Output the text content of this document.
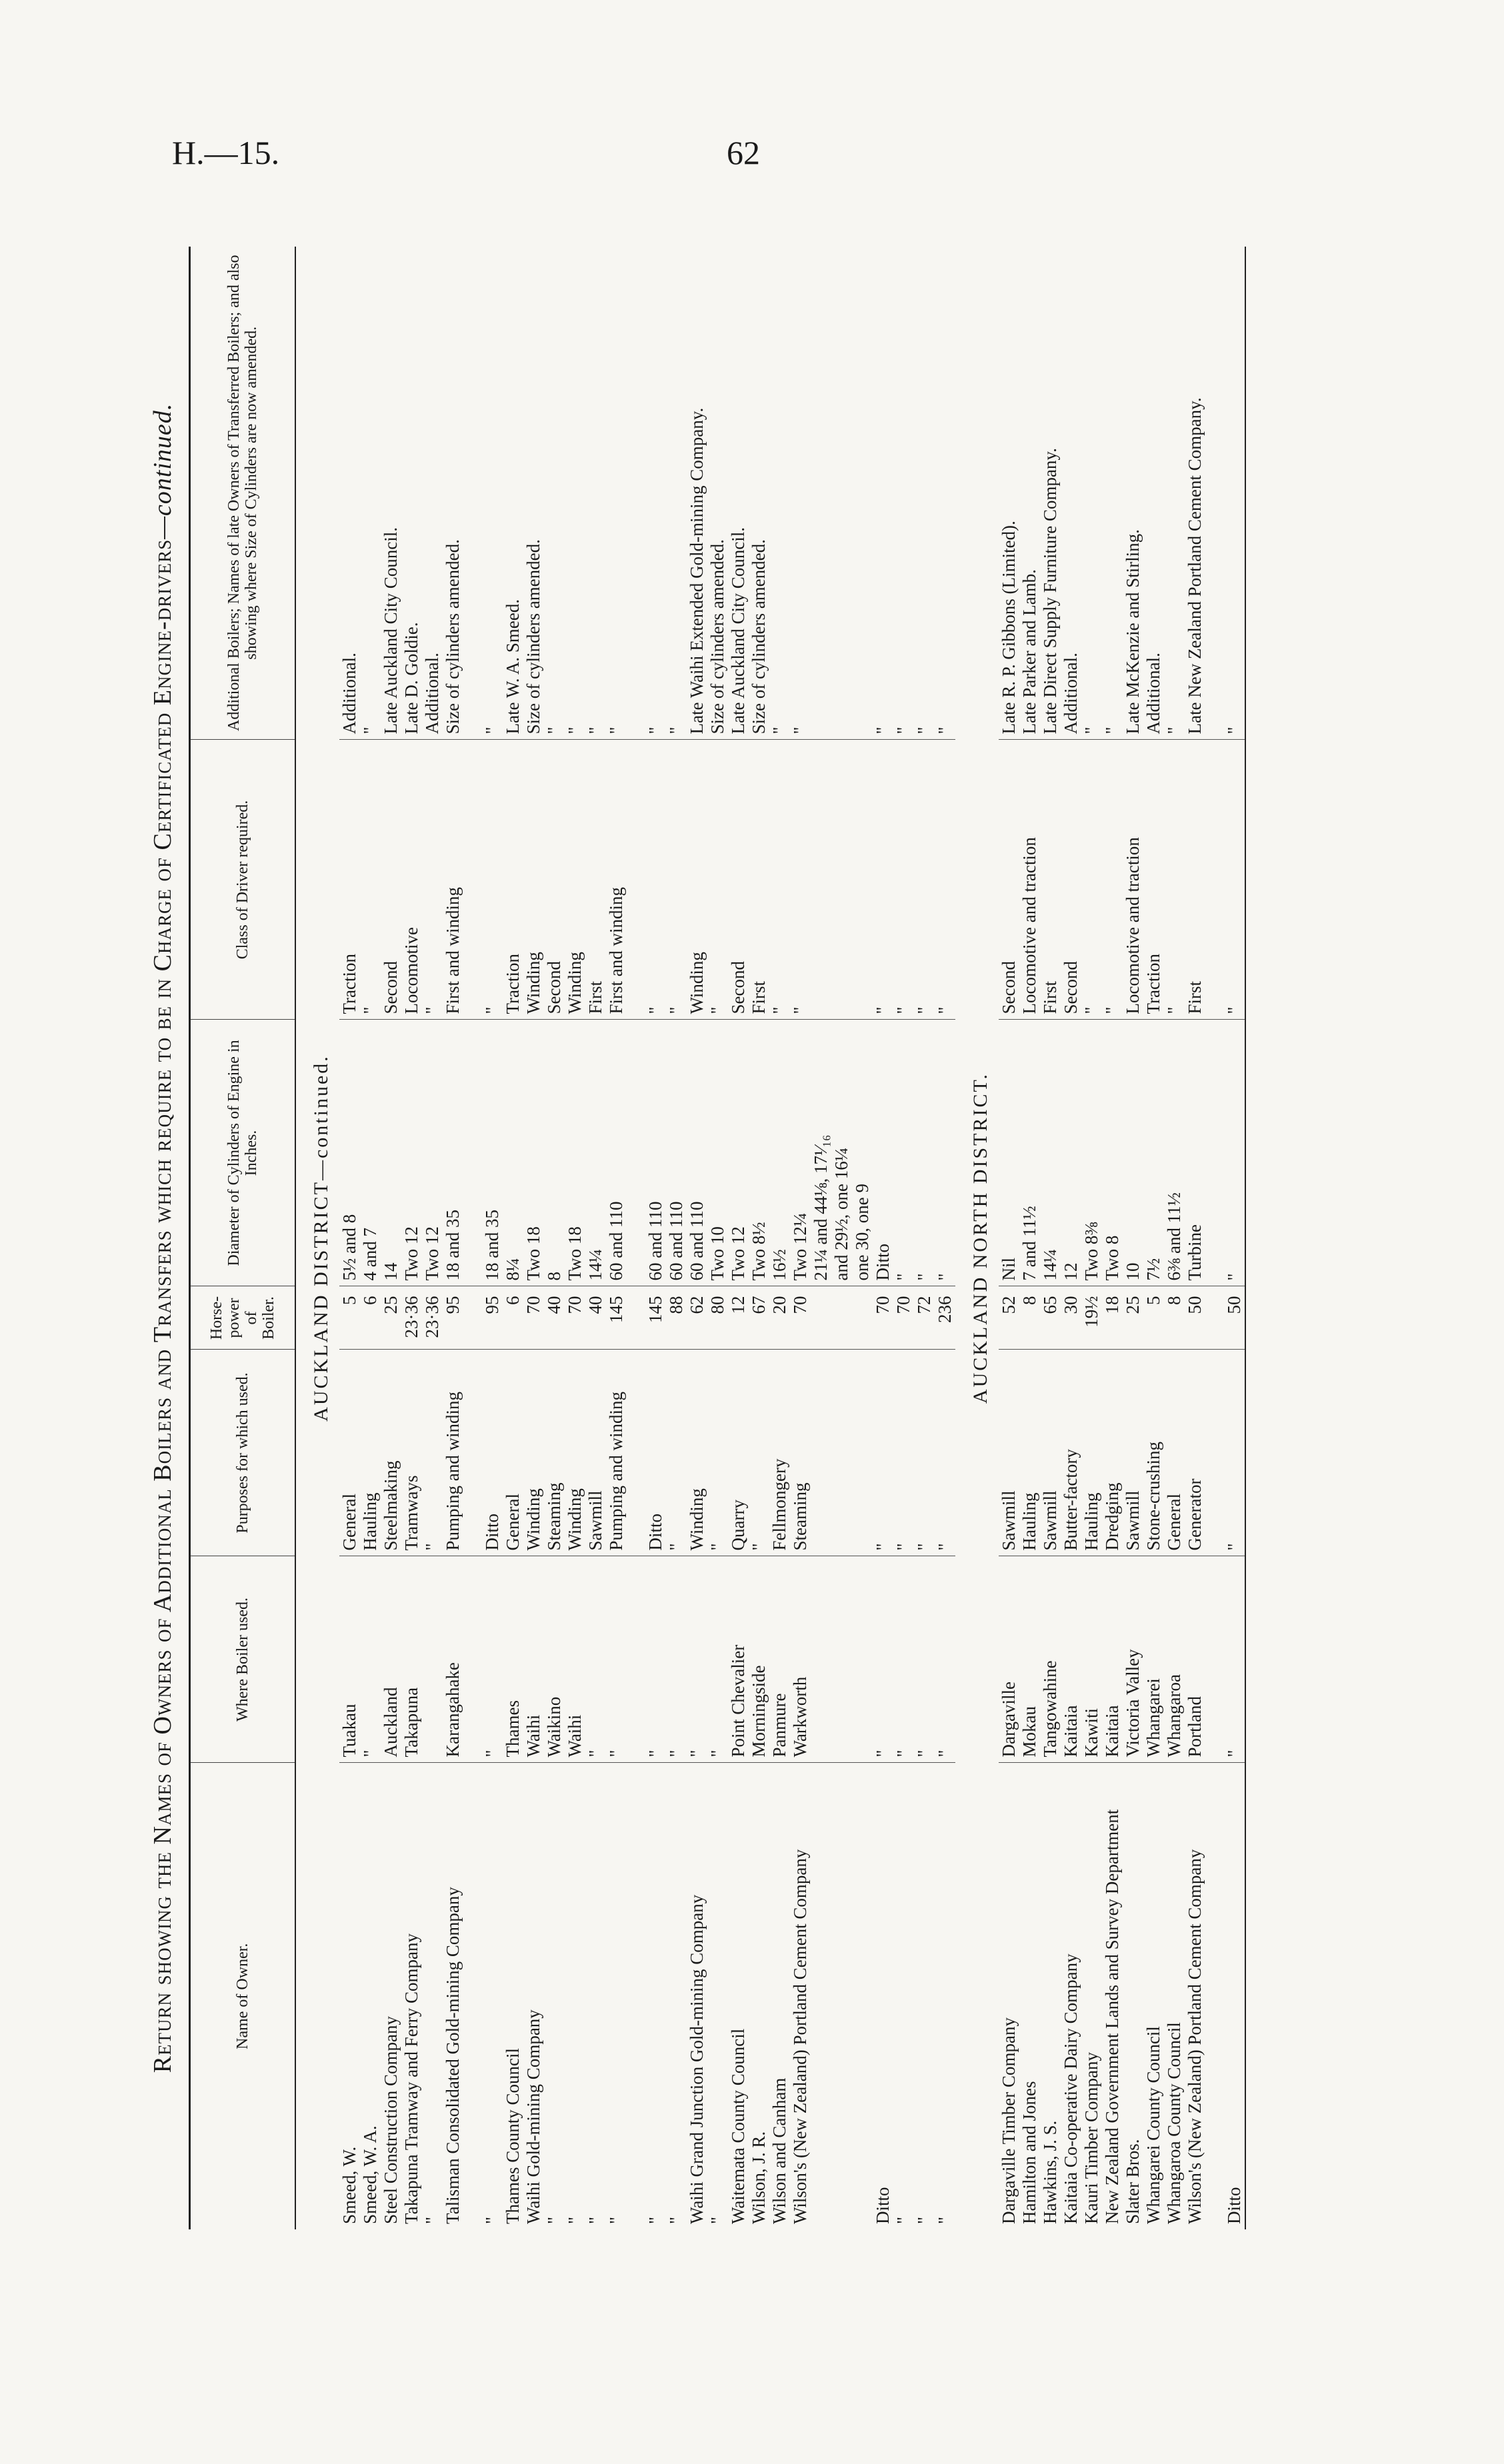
H.—15.	62
Return showing the Names of Owners of Additional Boilers and Transfers which require to be in Charge of Certificated Engine-drivers—continued.
Name of Owner.	Where Boiler used.	Purposes for which used.	Horse-power of Boiler.	Diameter of Cylinders of Engine in Inches.	Class of Driver required.	Additional Boilers; Names of late Owners of Transferred Boilers; and also showing where Size of Cylinders are now amended.
AUCKLAND DISTRICT—continued.						
Smeed, W.	Tuakau	General	5	5½ and 8	Traction	Additional.
Smeed, W. A.	"	Hauling	6	4 and 7	"	"
Steel Construction Company	Auckland	Steelmaking	25	14	Second	Late Auckland City Council.
Takapuna Tramway and Ferry Company	Takapuna	Tramways	23·36	Two 12	Locomotive	Late D. Goldie.
"		"	23·36	Two 12	"	Additional.
Talisman Consolidated Gold-mining Company	Karangahake	Pumping and winding	95	18 and 35	First and winding	Size of cylinders amended.
"	"	Ditto	95	18 and 35	"	"
Thames County Council	Thames	General	6	8¼	Traction	Late W. A. Smeed.
Waihi Gold-mining Company	Waihi	Winding	70	Two 18	Winding	Size of cylinders amended.
"	Waikino	Steaming	40	8	Second	"
"	Waihi	Winding	70	Two 18	Winding	"
"	"	Sawmill	40	14¼	First	"
"	"	Pumping and winding	145	60 and 110	First and winding	"
"	"	Ditto	145	60 and 110	"	"
"	"	"	88	60 and 110	"	"
Waihi Grand Junction Gold-mining Company	"	Winding	62	60 and 110	Winding	Late Waihi Extended Gold-mining Company.
"	"	"	80	Two 10	"	Size of cylinders amended.
Waitemata County Council	Point Chevalier	Quarry	12	Two 12	Second	Late Auckland City Council.
Wilson, J. R.	Morningside	"	67	Two 8½	First	Size of cylinders amended.
Wilson and Canham	Panmure	Fellmongery	20	16½	"	"
Wilson's (New Zealand) Portland Cement Company	Warkworth	Steaming	70	Two 12¼	"	"
				21¼ and 44⅛, 17¹⁄₁₆		
				and 29½, one 16¼		
				one 30, one 9		
Ditto	"	"	70	Ditto	"	"
"	"	"	70	"	"	"
"	"	"	72	"	"	"
"	"	"	236	"	"	"
AUCKLAND NORTH DISTRICT.						
Dargaville Timber Company	Dargaville	Sawmill	52	Nil	Second	Late R. P. Gibbons (Limited).
Hamilton and Jones	Mokau	Hauling	8	7 and 11½	Locomotive and traction	Late Parker and Lamb.
Hawkins, J. S.	Tangowahine	Sawmill	65	14¼	First	Late Direct Supply Furniture Company.
Kaitaia Co-operative Dairy Company	Kaitaia	Butter-factory	30	12	Second	Additional.
Kauri Timber Company	Kawiti	Hauling	19½	Two 8⅜	"	"
New Zealand Government Lands and Survey Department	Kaitaia	Dredging	18	Two 8	"	"
Slater Bros.	Victoria Valley	Sawmill	25	10	Locomotive and traction	Late McKenzie and Stirling.
Whangarei County Council	Whangarei	Stone-crushing	5	7½	Traction	Additional.
Whangaroa County Council	Whangaroa	General	8	6⅜ and 11½	"	"
Wilson's (New Zealand) Portland Cement Company	Portland	Generator	50	Turbine	First	Late New Zealand Portland Cement Company.
Ditto	"	"	50	"	"	"
